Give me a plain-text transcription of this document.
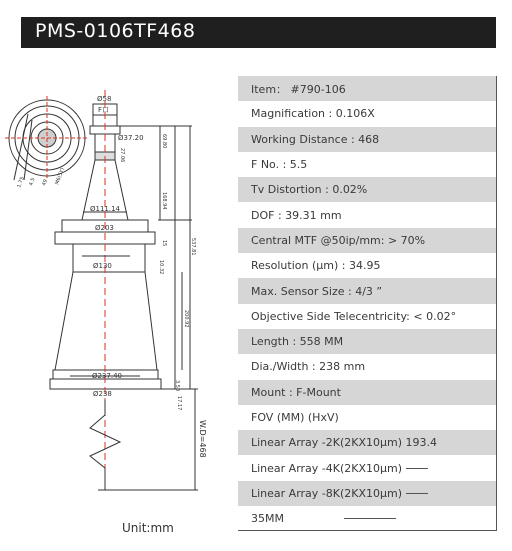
PMS-0106TF468
Ø58
F口
Ø37.20
Ø111.14
Ø203
Ø130
Ø237.40
Ø238
W.D=468
69.80
27.06
168.94
537.81
10.32
200.92
15
3.50
17.17
M6(5Y)
49
4.5
1.75
Unit:mm
Item： #790-106
Magnification : 0.106X
Working Distance : 468
F No. : 5.5
Tv Distortion : 0.02%
DOF : 39.31 mm
Central MTF @50ip/mm: > 70%
Resolution (μm) : 34.95
Max. Sensor Size : 4/3 ”
Objective Side Telecentricity: < 0.02°
Length : 558 MM
Dia./Width : 238 mm
Mount : F-Mount
FOV (MM) (HxV)
Linear Array -2K(2KX10μm) 193.4
Linear Array -4K(2KX10μm)
Linear Array -8K(2KX10μm)
35MM
